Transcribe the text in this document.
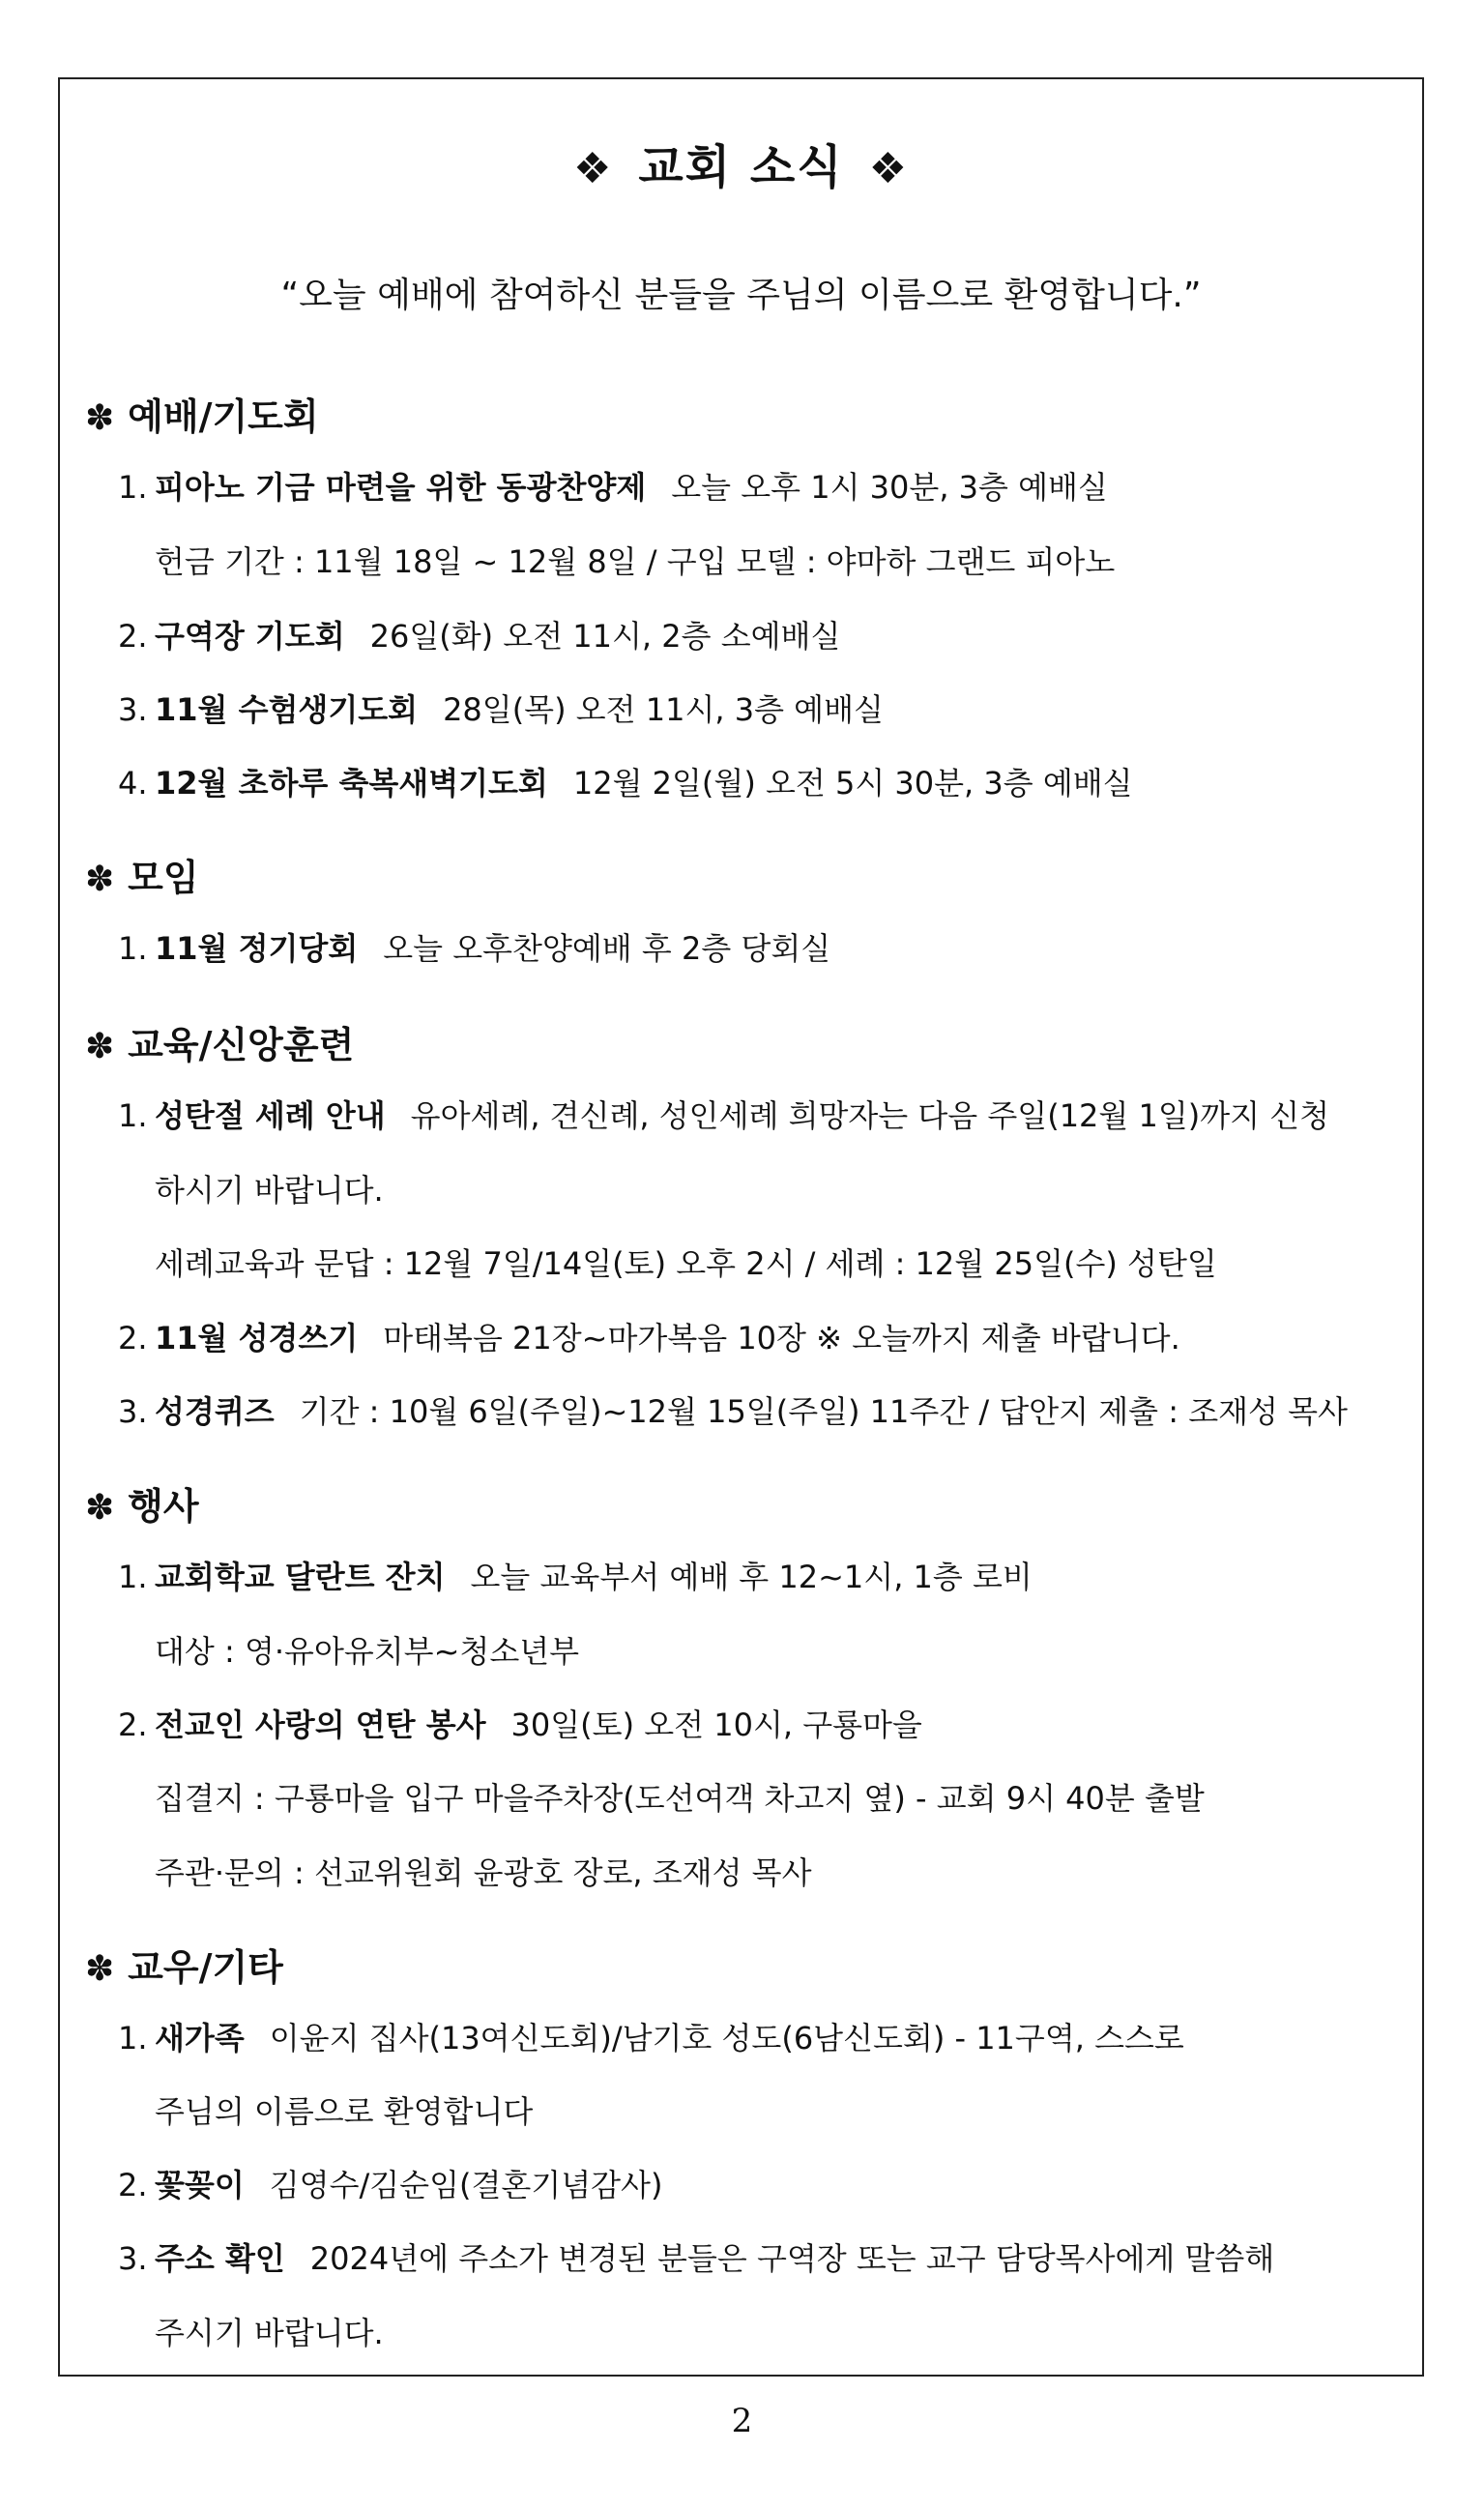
❖ 교회 소식 ❖
“오늘 예배에 참여하신 분들을 주님의 이름으로 환영합니다.”
✽ 예배/기도회
1. 피아노 기금 마련을 위한 동광찬양제 오늘 오후 1시 30분, 3층 예배실
헌금 기간 : 11월 18일 ~ 12월 8일 / 구입 모델 : 야마하 그랜드 피아노
2. 구역장 기도회 26일(화) 오전 11시, 2층 소예배실
3. 11월 수험생기도회 28일(목) 오전 11시, 3층 예배실
4. 12월 초하루 축복새벽기도회 12월 2일(월) 오전 5시 30분, 3층 예배실
✽ 모임
1. 11월 정기당회 오늘 오후찬양예배 후 2층 당회실
✽ 교육/신앙훈련
1. 성탄절 세례 안내 유아세례, 견신례, 성인세례 희망자는 다음 주일(12월 1일)까지 신청
하시기 바랍니다.
세례교육과 문답 : 12월 7일/14일(토) 오후 2시 / 세례 : 12월 25일(수) 성탄일
2. 11월 성경쓰기 마태복음 21장~마가복음 10장 ※ 오늘까지 제출 바랍니다.
3. 성경퀴즈 기간 : 10월 6일(주일)~12월 15일(주일) 11주간 / 답안지 제출 : 조재성 목사
✽ 행사
1. 교회학교 달란트 잔치 오늘 교육부서 예배 후 12~1시, 1층 로비
대상 : 영·유아유치부~청소년부
2. 전교인 사랑의 연탄 봉사 30일(토) 오전 10시, 구룡마을
집결지 : 구룡마을 입구 마을주차장(도선여객 차고지 옆) - 교회 9시 40분 출발
주관·문의 : 선교위원회 윤광호 장로, 조재성 목사
✽ 교우/기타
1. 새가족 이윤지 집사(13여신도회)/남기호 성도(6남신도회) - 11구역, 스스로
주님의 이름으로 환영합니다
2. 꽃꽂이 김영수/김순임(결혼기념감사)
3. 주소 확인 2024년에 주소가 변경된 분들은 구역장 또는 교구 담당목사에게 말씀해
주시기 바랍니다.
2
